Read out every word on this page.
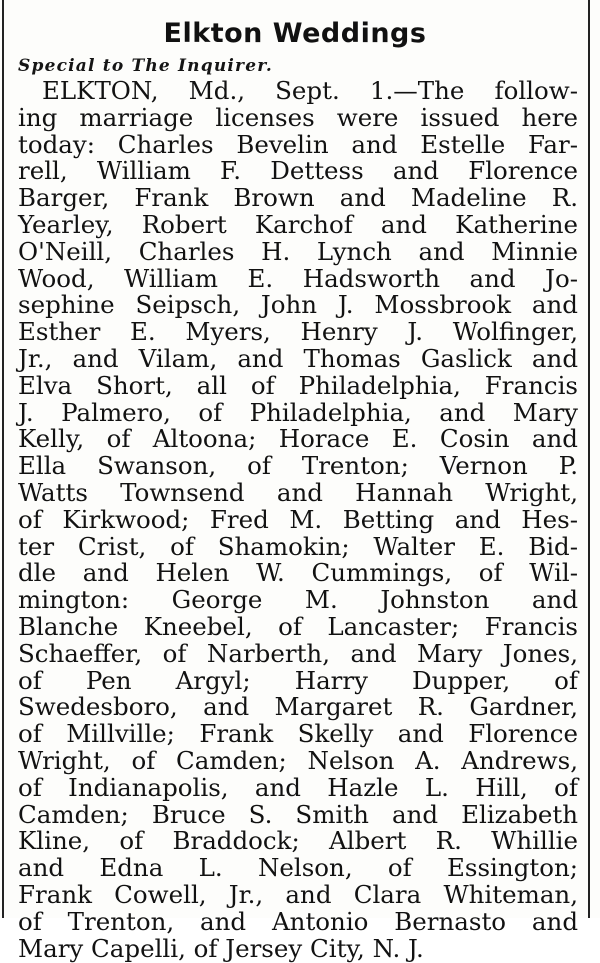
Elkton Weddings
Special to The Inquirer.
ELKTON, Md., Sept. 1.—The follow-
ing marriage licenses were issued here
today: Charles Bevelin and Estelle Far-
rell, William F. Dettess and Florence
Barger, Frank Brown and Madeline R.
Yearley, Robert Karchof and Katherine
O'Neill, Charles H. Lynch and Minnie
Wood, William E. Hadsworth and Jo-
sephine Seipsch, John J. Mossbrook and
Esther E. Myers, Henry J. Wolfinger,
Jr., and Vilam, and Thomas Gaslick and
Elva Short, all of Philadelphia, Francis
J. Palmero, of Philadelphia, and Mary
Kelly, of Altoona; Horace E. Cosin and
Ella Swanson, of Trenton; Vernon P.
Watts Townsend and Hannah Wright,
of Kirkwood; Fred M. Betting and Hes-
ter Crist, of Shamokin; Walter E. Bid-
dle and Helen W. Cummings, of Wil-
mington: George M. Johnston and
Blanche Kneebel, of Lancaster; Francis
Schaeffer, of Narberth, and Mary Jones,
of Pen Argyl; Harry Dupper, of
Swedesboro, and Margaret R. Gardner,
of Millville; Frank Skelly and Florence
Wright, of Camden; Nelson A. Andrews,
of Indianapolis, and Hazle L. Hill, of
Camden; Bruce S. Smith and Elizabeth
Kline, of Braddock; Albert R. Whillie
and Edna L. Nelson, of Essington;
Frank Cowell, Jr., and Clara Whiteman,
of Trenton, and Antonio Bernasto and
Mary Capelli, of Jersey City, N. J.
